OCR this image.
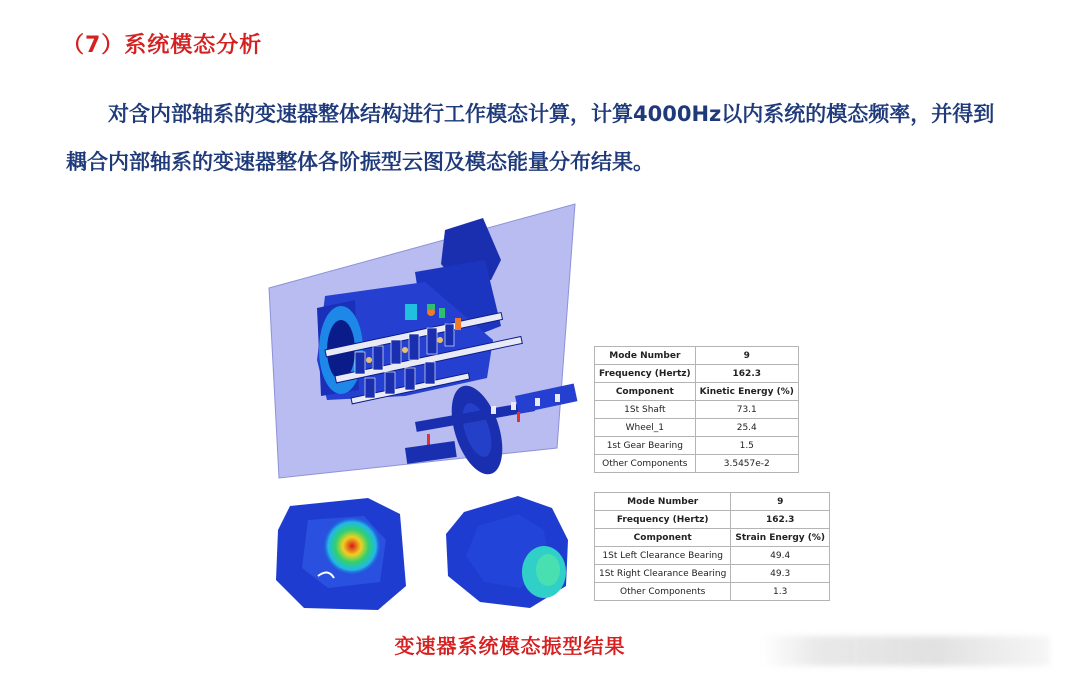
（7）系统模态分析
对含内部轴系的变速器整体结构进行工作模态计算，计算4000Hz以内系统的模态频率，并得到耦合内部轴系的变速器整体各阶振型云图及模态能量分布结果。
Mode Number	9
Frequency (Hertz)	162.3
Component	Kinetic Energy (%)
1St Shaft	73.1
Wheel_1	25.4
1st Gear Bearing	1.5
Other Components	3.5457e-2
Mode Number	9
Frequency (Hertz)	162.3
Component	Strain Energy (%)
1St Left Clearance Bearing	49.4
1St Right Clearance Bearing	49.3
Other Components	1.3
变速器系统模态振型结果
